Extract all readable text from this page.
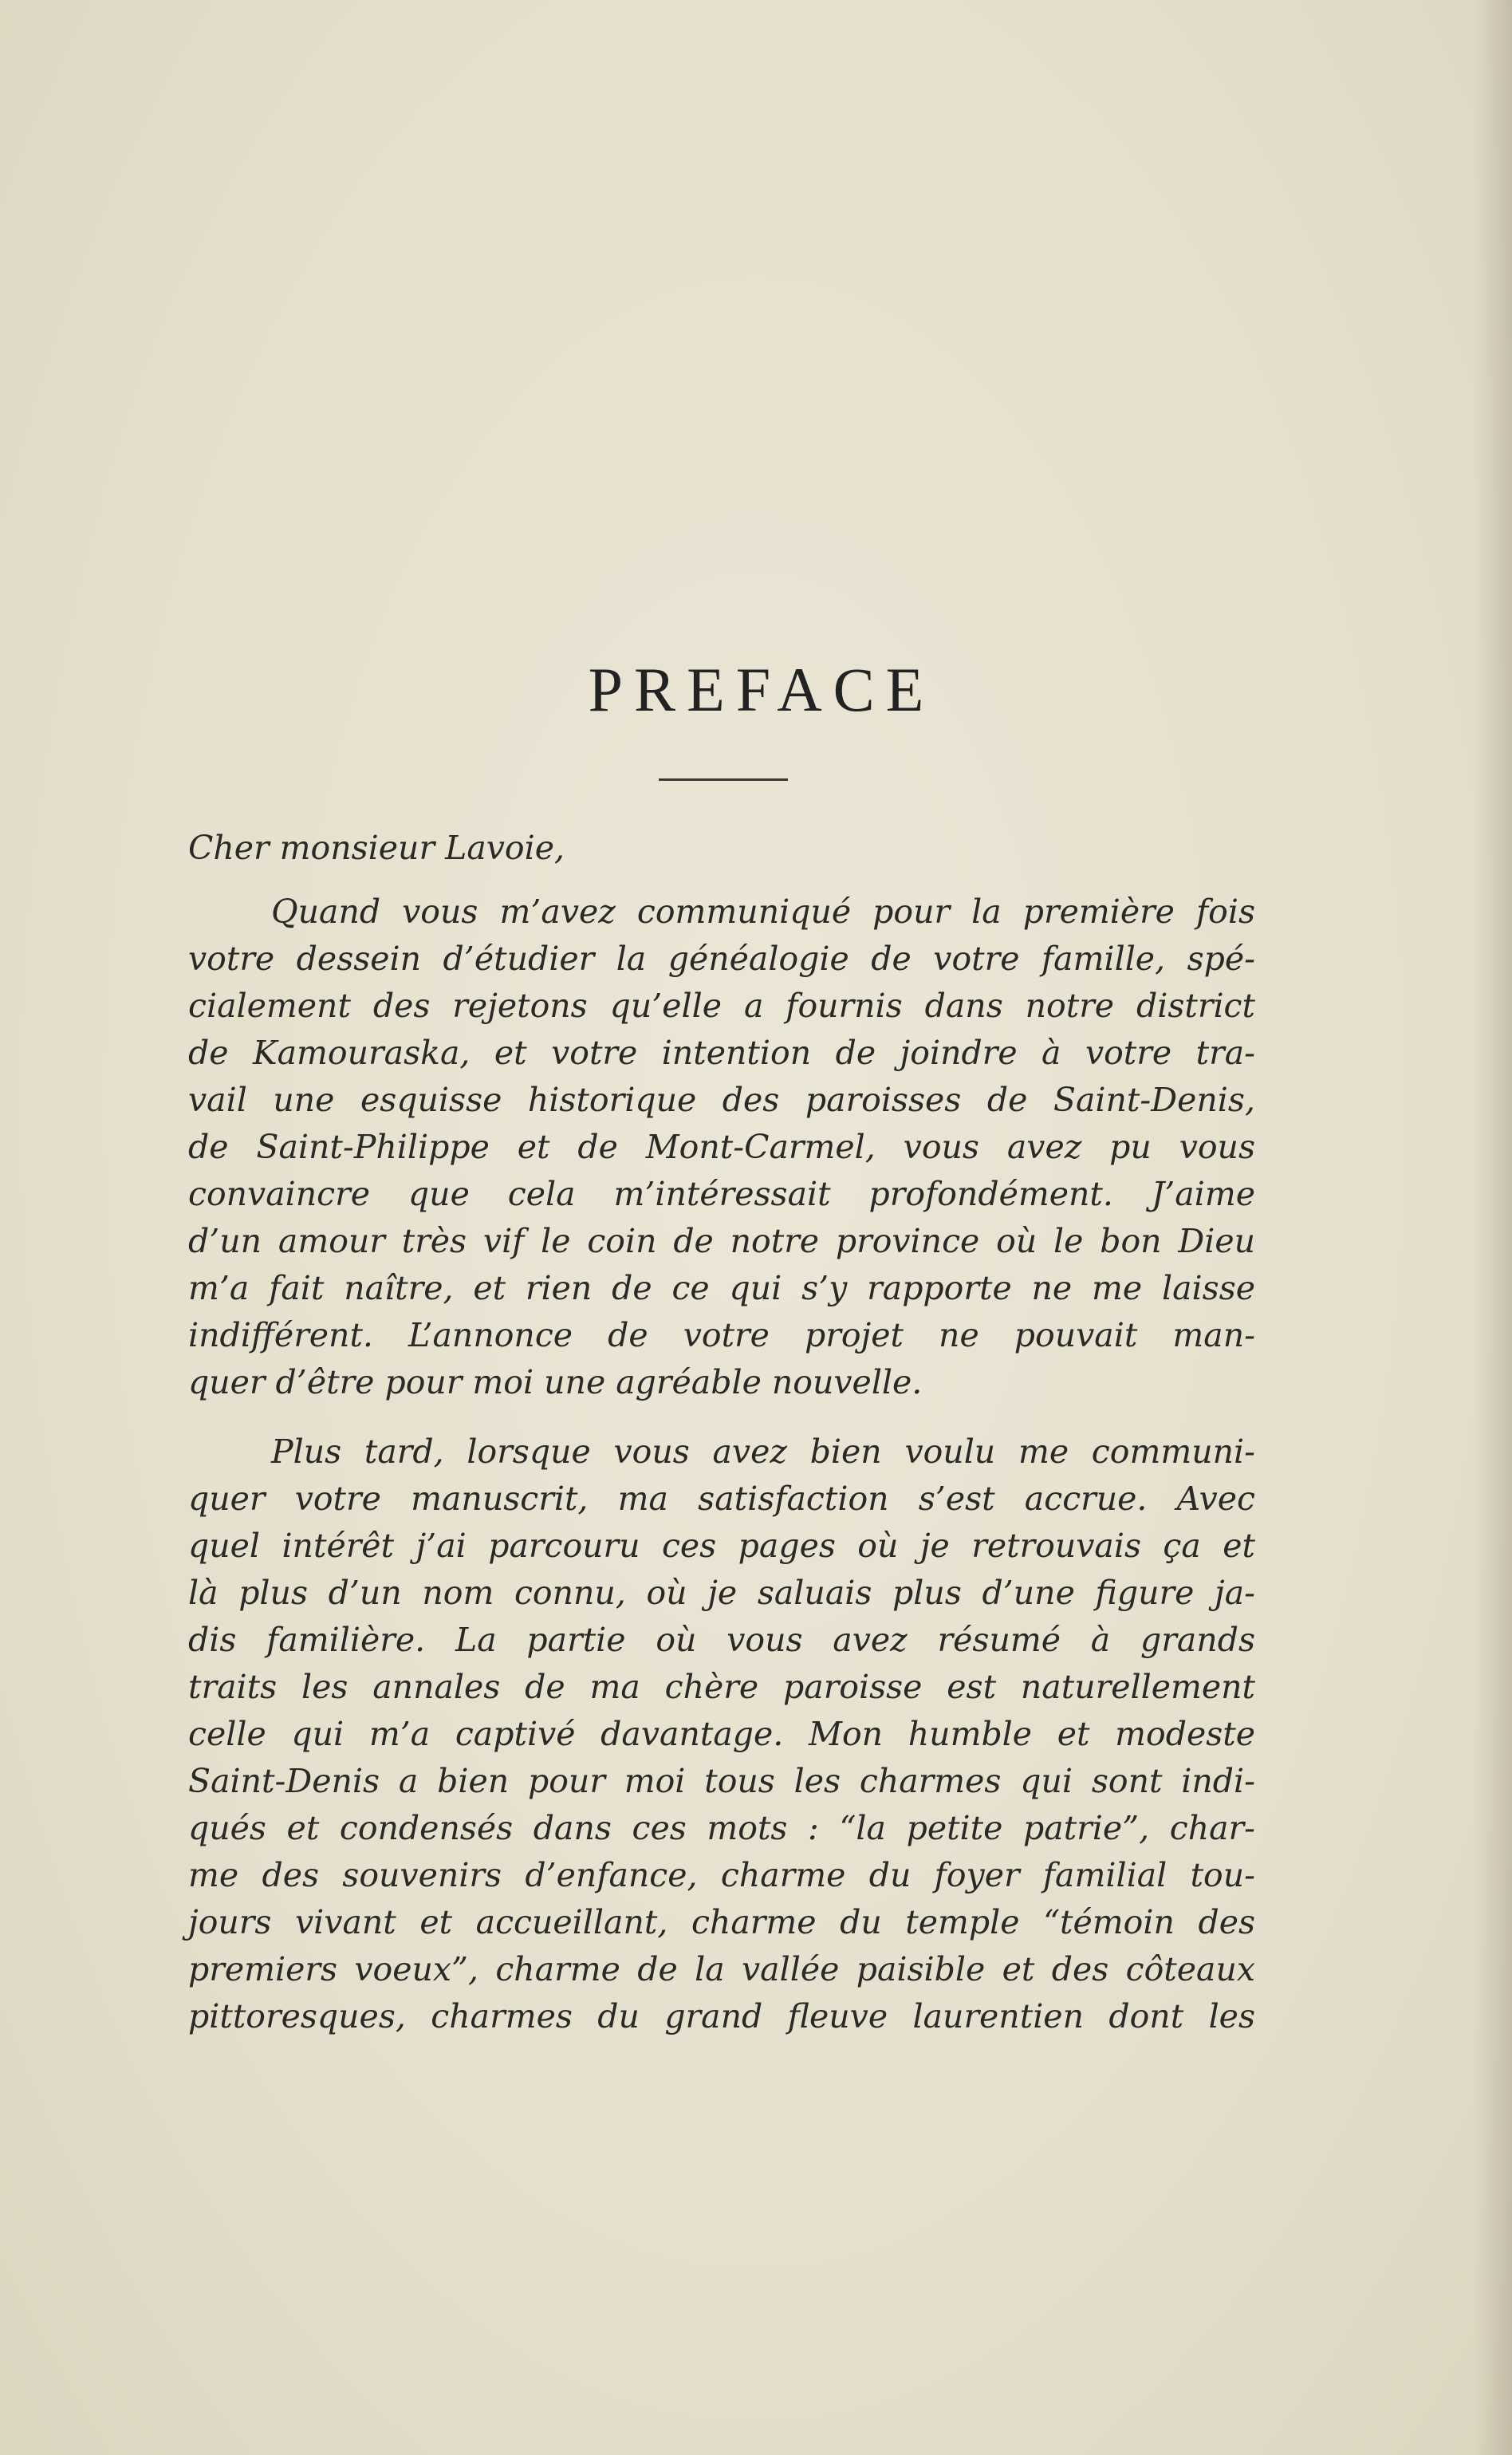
PREFACE

Cher monsieur Lavoie,

Quand vous m’avez communiqué pour la première fois
votre dessein d’étudier la généalogie de votre famille, spé-
cialement des rejetons qu’elle a fournis dans notre district
de Kamouraska, et votre intention de joindre à votre tra-
vail une esquisse historique des paroisses de Saint-Denis,
de Saint-Philippe et de Mont-Carmel, vous avez pu vous
convaincre que cela m’intéressait profondément. J’aime
d’un amour très vif le coin de notre province où le bon Dieu
m’a fait naître, et rien de ce qui s’y rapporte ne me laisse
indifférent. L’annonce de votre projet ne pouvait man-
quer d’être pour moi une agréable nouvelle.
Plus tard, lorsque vous avez bien voulu me communi-
quer votre manuscrit, ma satisfaction s’est accrue. Avec
quel intérêt j’ai parcouru ces pages où je retrouvais ça et
là plus d’un nom connu, où je saluais plus d’une figure ja-
dis familière. La partie où vous avez résumé à grands
traits les annales de ma chère paroisse est naturellement
celle qui m’a captivé davantage. Mon humble et modeste
Saint-Denis a bien pour moi tous les charmes qui sont indi-
qués et condensés dans ces mots : “la petite patrie”, char-
me des souvenirs d’enfance, charme du foyer familial tou-
jours vivant et accueillant, charme du temple “témoin des
premiers voeux”, charme de la vallée paisible et des côteaux
pittoresques, charmes du grand fleuve laurentien dont les
